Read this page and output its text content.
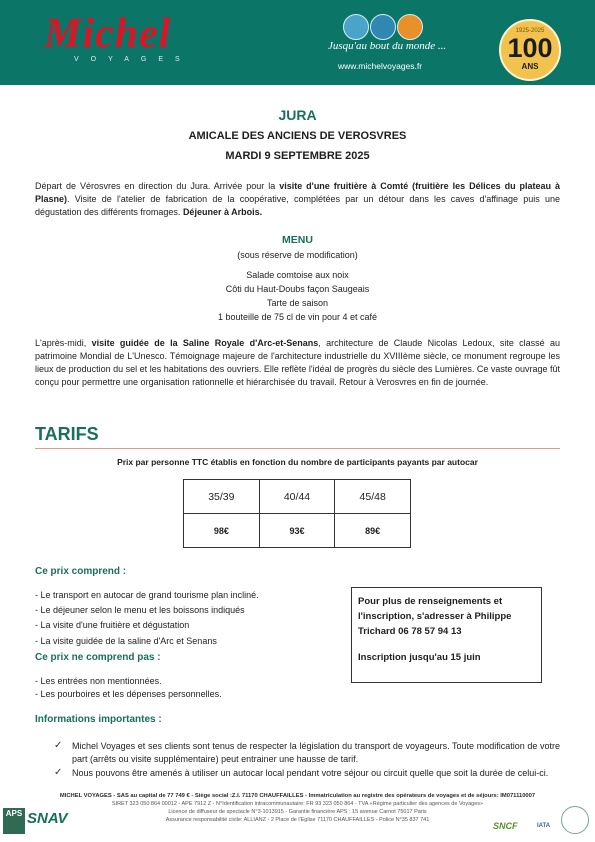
Michel
VOYAGES
Jusqu'au bout du monde ...
www.michelvoyages.fr
1925-2025
100
ANS
JURA
AMICALE DES ANCIENS DE VEROSVRES
MARDI 9 SEPTEMBRE 2025
Départ de Vérosvres en direction du Jura. Arrivée pour la visite d'une fruitière à Comté (fruitière les Délices du plateau à Plasne). Visite de l'atelier de fabrication de la coopérative, complétées par un détour dans les caves d'affinage puis une dégustation des différents fromages. Déjeuner à Arbois.
MENU
(sous réserve de modification)
Salade comtoise aux noix
Côti du Haut-Doubs façon Saugeais
Tarte de saison
1 bouteille de 75 cl de vin pour 4 et café
L'après-midi, visite guidée de la Saline Royale d'Arc-et-Senans, architecture de Claude Nicolas Ledoux, site classé au patrimoine Mondial de L'Unesco. Témoignage majeure de l'architecture industrielle du XVIIIème siècle, ce monument regroupe les lieux de production du sel et les habitations des ouvriers. Elle reflète l'idéal de progrès du siècle des Lumières. Ce vaste ouvrage fût conçu pour permettre une organisation rationnelle et hiérarchisée du travail. Retour à Verosvres en fin de journée.
TARIFS
Prix par personne TTC établis en fonction du nombre de participants payants par autocar
35/39	40/44	45/48
98€	93€	89€
Ce prix comprend :
- Le transport en autocar de grand tourisme plan incliné.
- Le déjeuner selon le menu et les boissons indiqués
- La visite d'une fruitière et dégustation
- La visite guidée de la saline d'Arc et Senans
Ce prix ne comprend pas :
- Les entrées non mentionnées.
- Les pourboires et les dépenses personnelles.
Pour plus de renseignements et
l'inscription, s'adresser à Philippe
Trichard 06 78 57 94 13
Inscription jusqu'au 15 juin
Informations importantes :
✓ Michel Voyages et ses clients sont tenus de respecter la législation du transport de voyageurs. Toute modification de votre part (arrêts ou visite supplémentaire) peut entrainer une hausse de tarif.
✓ Nous pouvons être amenés à utiliser un autocar local pendant votre séjour ou circuit quelle que soit la durée de celui-ci.
MICHEL VOYAGES - SAS au capital de 77 749 € - Siège social :Z.I. 71170 CHAUFFAILLES - Immatriculation au registre des opérateurs de voyages et de séjours: IM071110007
SIRET 323 050 864 00012 - APE 7912 Z - N°Identification intracommunautaire: FR 93 323 050 864 - TVA «Régime particulier des agences de Voyages»
Licence de diffuseur de spectacle N°3-1013915 - Garantie financière APS : 15 avenue Carnot 75017 Paris
Assurance responsabilité civile: ALLIANZ - 2 Place de l'Eglise 71170 CHAUFFAILLES - Police N°35 837 741
APS SNAV	SNCF	IATA
